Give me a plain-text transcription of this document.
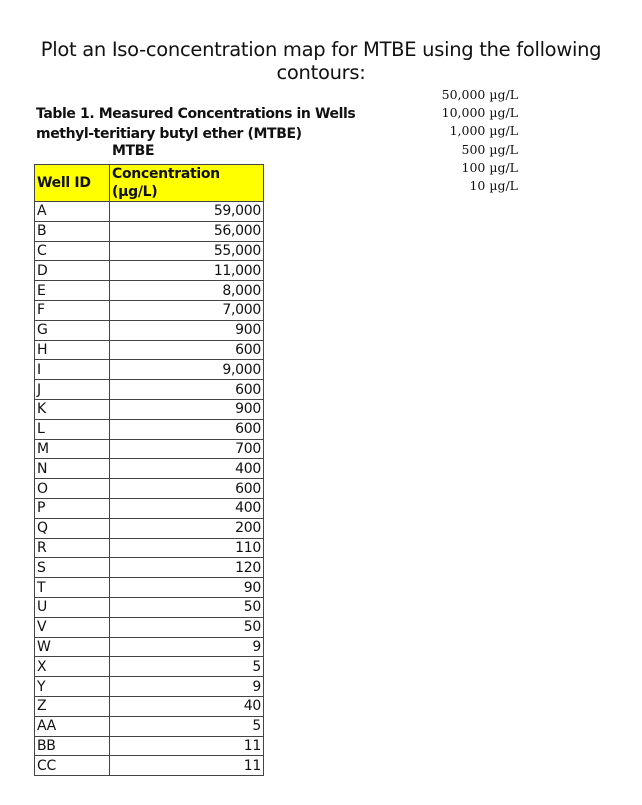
Plot an Iso-concentration map for MTBE using the following contours:
50,000 µg/L
10,000 µg/L
1,000 µg/L
500 µg/L
100 µg/L
10 µg/L
Table 1. Measured Concentrations in Wells
methyl-teritiary butyl ether (MTBE)
MTBE
Well ID	Concentration (µg/L)
A	59,000
B	56,000
C	55,000
D	11,000
E	8,000
F	7,000
G	900
H	600
I	9,000
J	600
K	900
L	600
M	700
N	400
O	600
P	400
Q	200
R	110
S	120
T	90
U	50
V	50
W	9
X	5
Y	9
Z	40
AA	5
BB	11
CC	11
